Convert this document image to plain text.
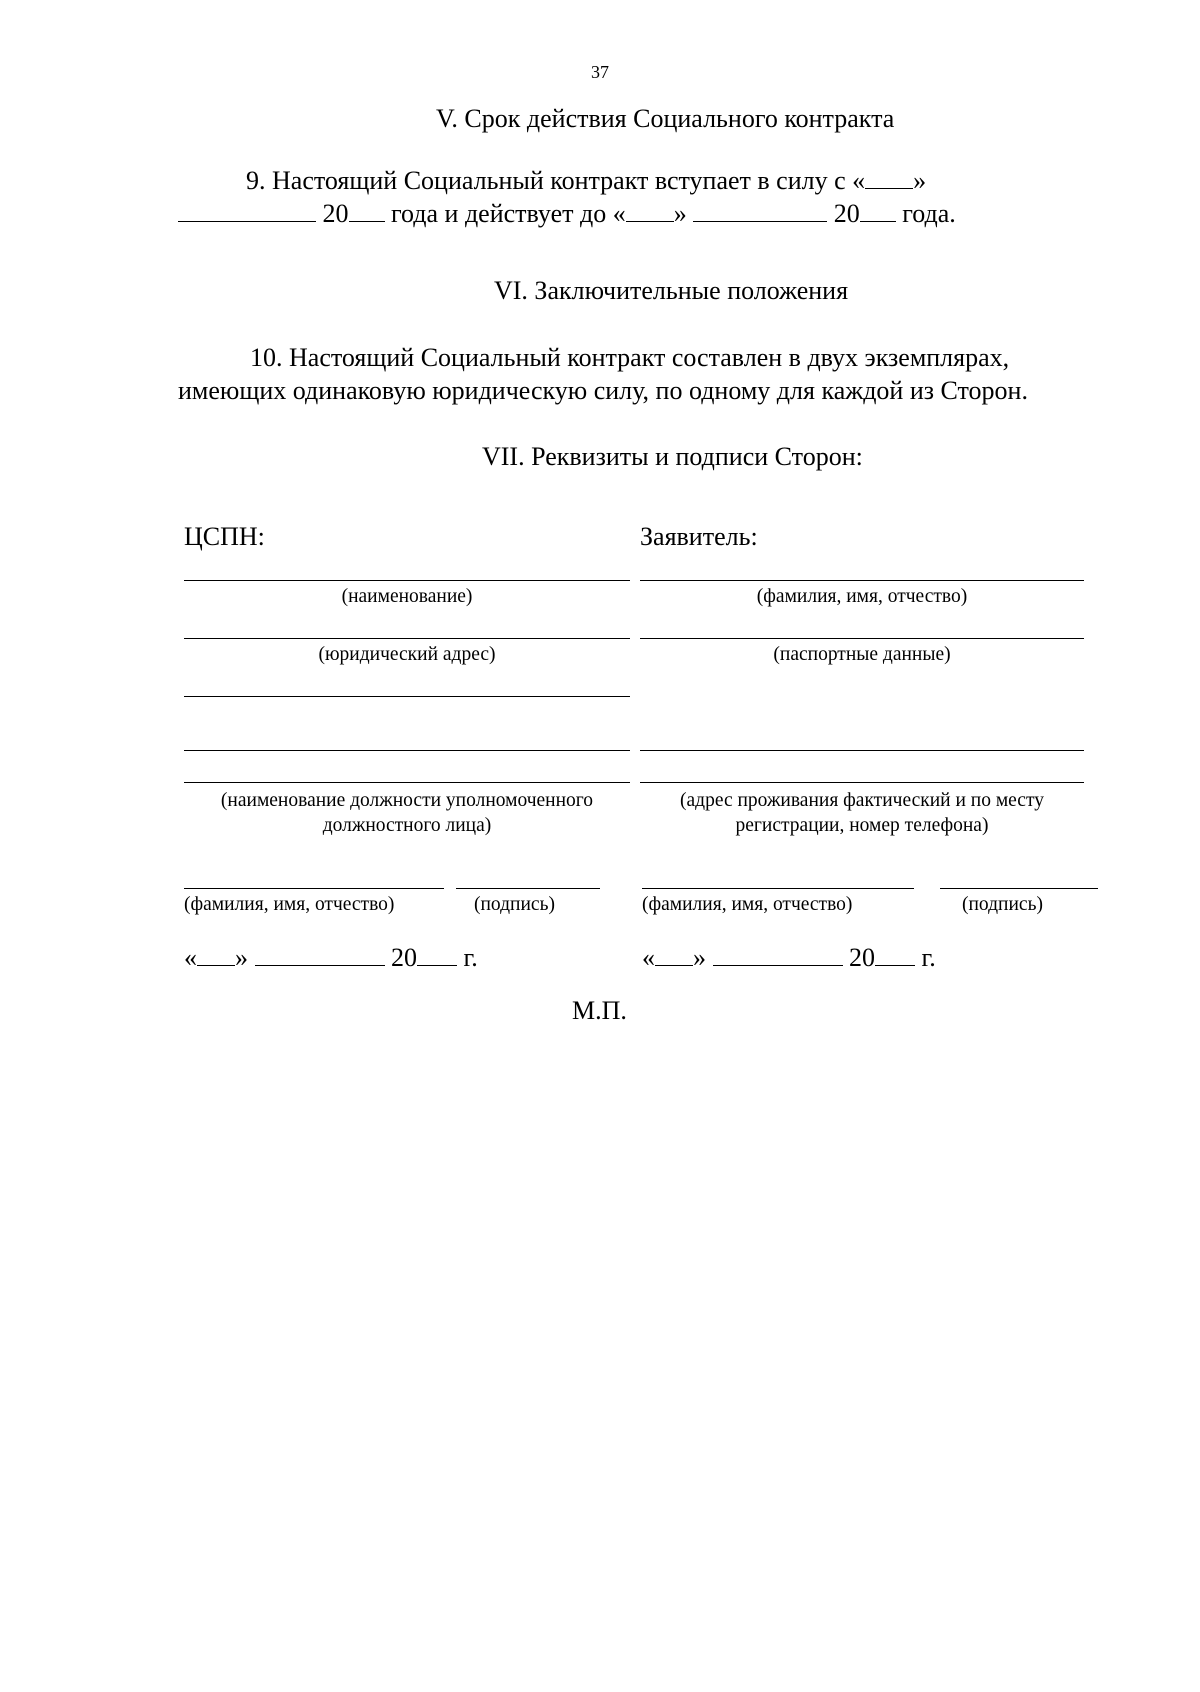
37
V. Срок действия Социального контракта
9. Настоящий Социальный контракт вступает в силу с « »
20 года и действует до « »	20 года.
VI. Заключительные положения
10. Настоящий Социальный контракт составлен в двух экземплярах,
имеющих одинаковую юридическую силу, по одному для каждой из Сторон.
VII. Реквизиты и подписи Сторон:
ЦСПН:
(наименование)
(юридический адрес)
(наименование должности уполномоченного
должностного лица)
(фамилия, имя, отчество)	(подпись)
« »	20 г.
Заявитель:
(фамилия, имя, отчество)
(паспортные данные)
(адрес проживания фактический и по месту
регистрации, номер телефона)
(фамилия, имя, отчество)	(подпись)
« »	20 г.
М.П.
